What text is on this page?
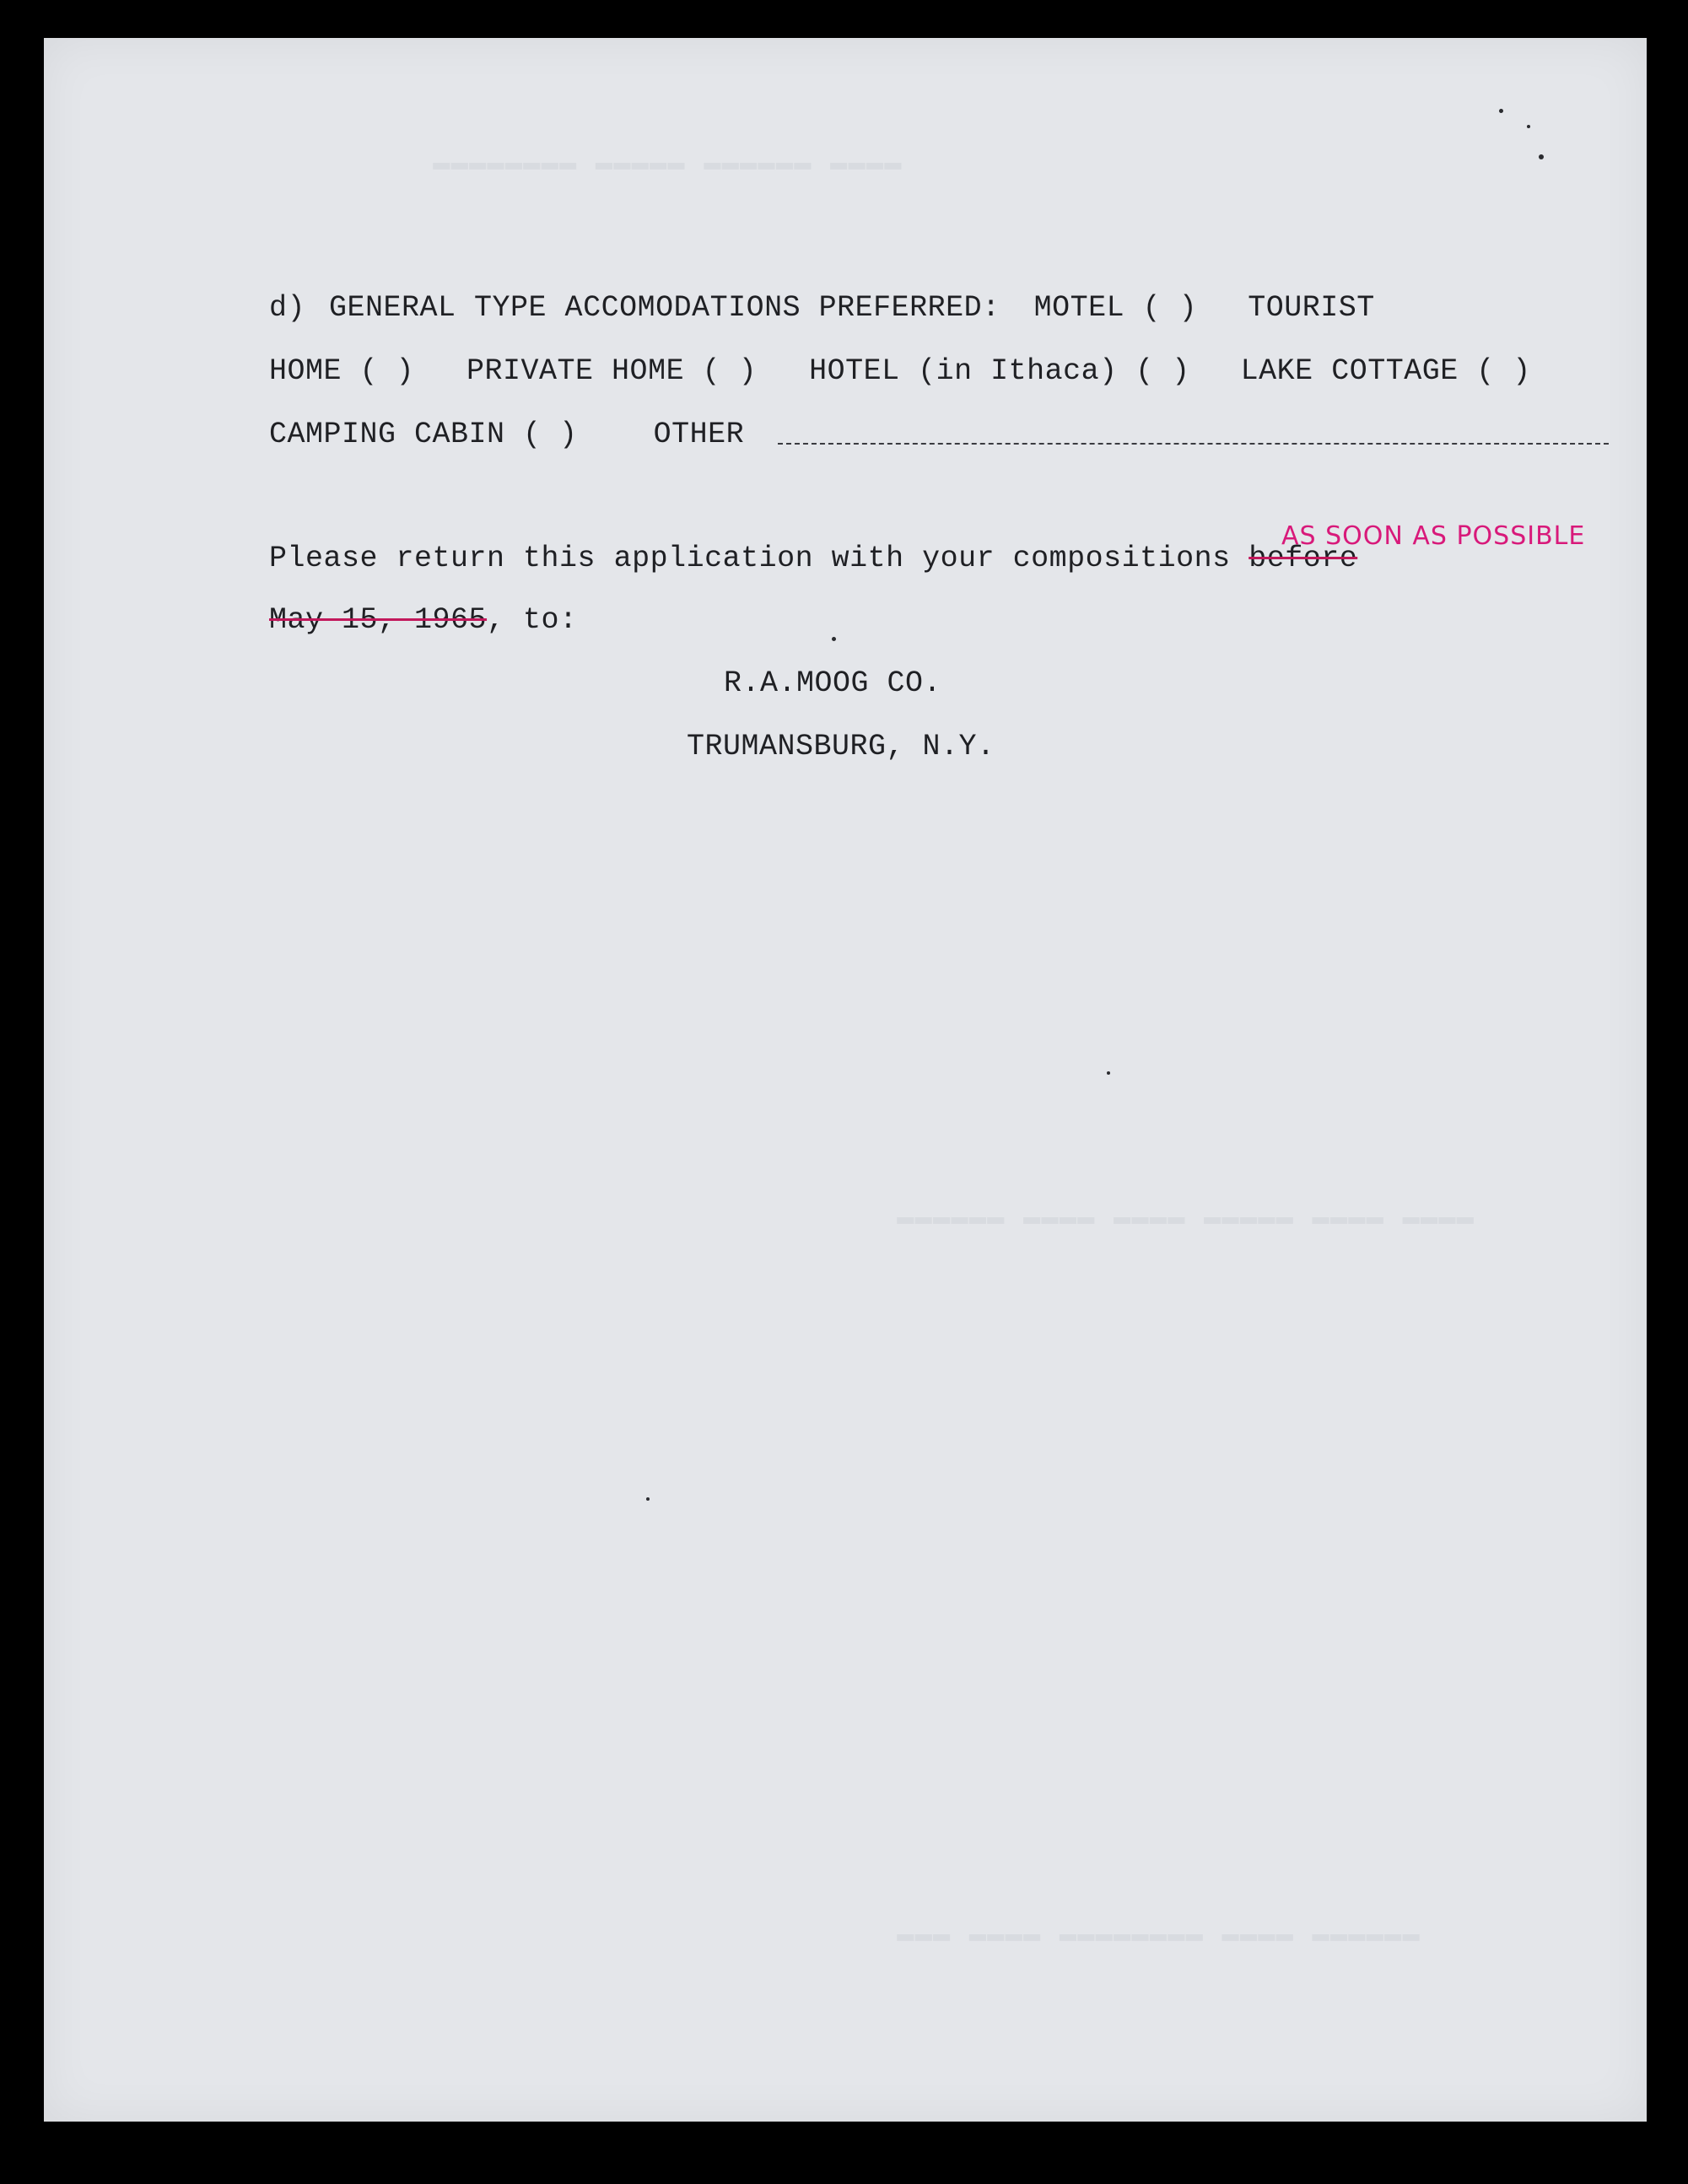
▬▬▬▬ ▬▬▬▬▬▬ ▬▬▬▬▬ ▬▬▬▬▬▬▬▬
▬▬▬▬ ▬▬▬▬ ▬▬▬▬▬ ▬▬▬▬ ▬▬▬▬ ▬▬▬▬▬▬
▬▬▬▬▬▬ ▬▬▬▬ ▬▬▬▬▬▬▬▬ ▬▬▬▬ ▬▬▬
d) GENERAL TYPE ACCOMODATIONS PREFERRED: MOTEL ( ) TOURIST
HOME ( ) PRIVATE HOME ( ) HOTEL (in Ithaca) ( ) LAKE COTTAGE ( )
CAMPING CABIN ( )	OTHER
AS SOON AS POSSIBLE
Please return this application with your compositions before
May 15, 1965, to:
R.A.MOOG CO.
TRUMANSBURG, N.Y.
